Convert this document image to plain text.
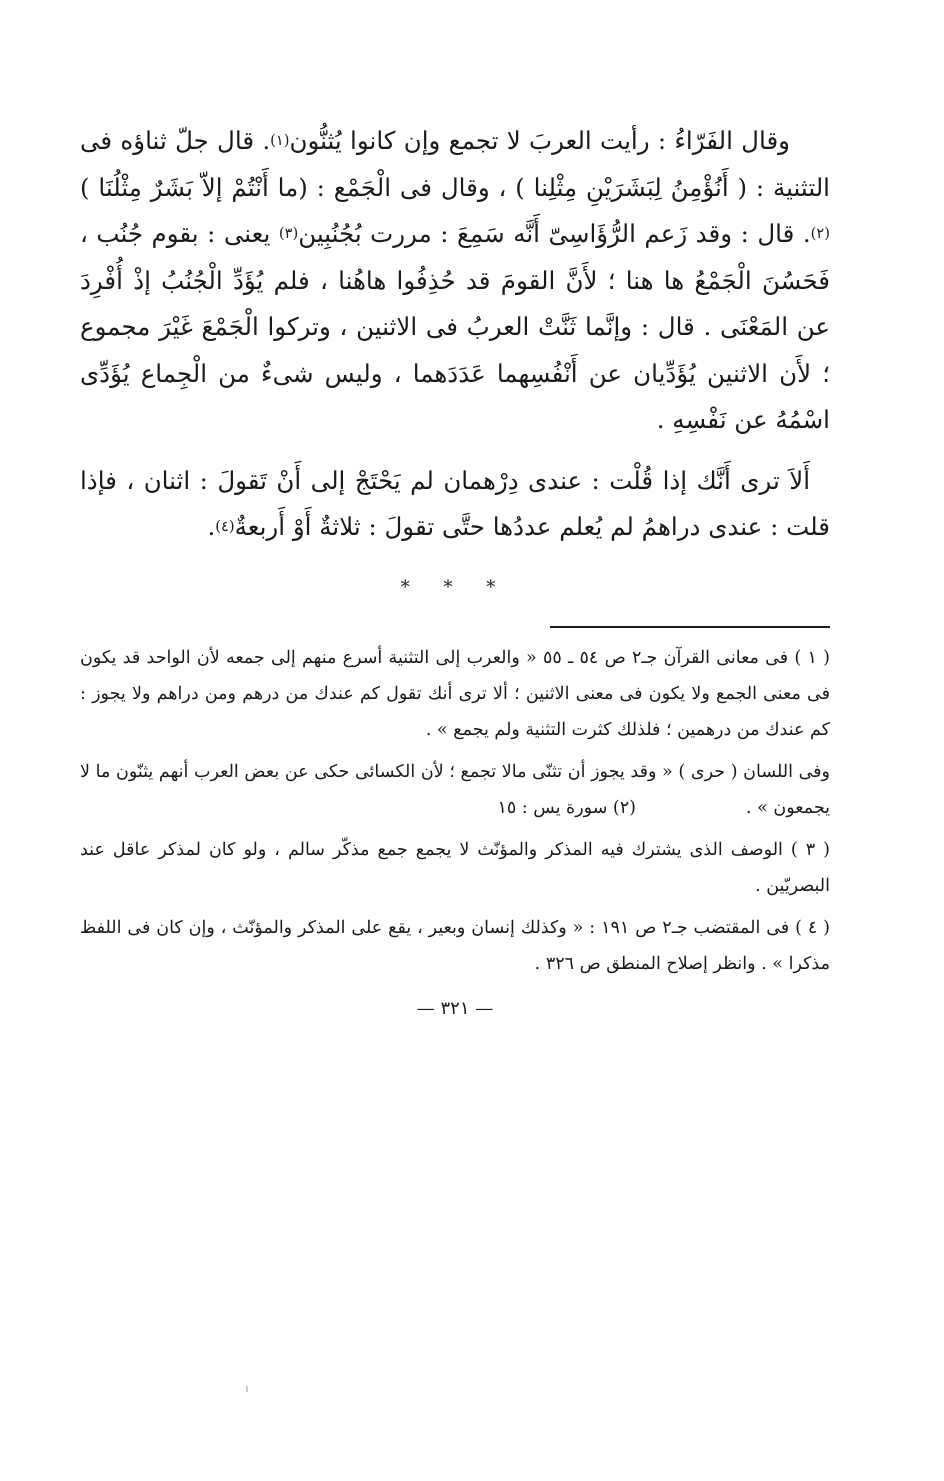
وقال الفَرّاءُ : رأيت العربَ لا تجمع وإن كانوا يُثنُّون$^{(١)}$. قال جلّ ثناؤه فى التثنية : ( أَنُؤْمِنُ لِبَشَرَيْنِ مِثْلِنا ) ، وقال فى الْجَمْع : (ما أَنْتُمْ إلاّ بَشَرٌ مِثْلُنَا )$^{(٢)}$. قال : وقد زَعم الرُّؤَاسِىّ أَنَّه سَمِعَ : مررت بُجُنُبِين$^{(٣)}$ يعنى : بقوم جُنُب ، فَحَسُنَ الْجَمْعُ ها هنا ؛ لأَنَّ القومَ قد حُذِفُوا هاهُنا ، فلم يُؤَدِّ الْجُنُبُ إذْ أُفْرِدَ عن المَعْنَى . قال : وإنَّما ثَنَّتْ العربُ فى الاثنين ، وتركوا الْجَمْعَ غَيْرَ مجموع ؛ لأَن الاثنين يُؤَدِّيان عن أَنْفُسِهما عَدَدَهما ، وليس شىءٌ من الْجِماع يُؤَدِّى اسْمُهُ عن نَفْسِهِ .

أَلاَ ترى أَنَّك إذا قُلْت : عندى دِرْهمان لم يَحْتَجْ إلى أَنْ تَقولَ : اثنان ، فإذا قلت : عندى دراهمُ لم يُعلم عددُها حتَّى تقولَ : ثلاثةٌ أَوْ أَربعةٌ$^{(٤)}$.

* * *

( ١ ) فى معانى القرآن جـ٢ ص ٥٤ ـ ٥٥ « والعرب إلى التثنية أسرع منهم إلى جمعه لأن الواحد قد يكون فى معنى الجمع ولا يكون فى معنى الاثنين ؛ ألا ترى أنك تقول كم عندك من درهم ومن دراهم ولا يجوز : كم عندك من درهمين ؛ فلذلك كثرت التثنية ولم يجمع » .

وفى اللسان ( حرى ) « وقد يجوز أن تثنّى مالا تجمع ؛ لأن الكسائى حكى عن بعض العرب أنهم يثنّون ما لا يجمعون » .(٢) سورة يس : ١٥

( ٣ ) الوصف الذى يشترك فيه المذكر والمؤنّث لا يجمع جمع مذكّر سالم ، ولو كان لمذكر عاقل عند البصريّين .

( ٤ ) فى المقتضب جـ٢ ص ١٩١ : « وكذلك إنسان وبعير ، يقع على المذكر والمؤنّث ، وإن كان فى اللفظ مذكرا » . وانظر إصلاح المنطق ص ٣٢٦ .

— ٣٢١ —
